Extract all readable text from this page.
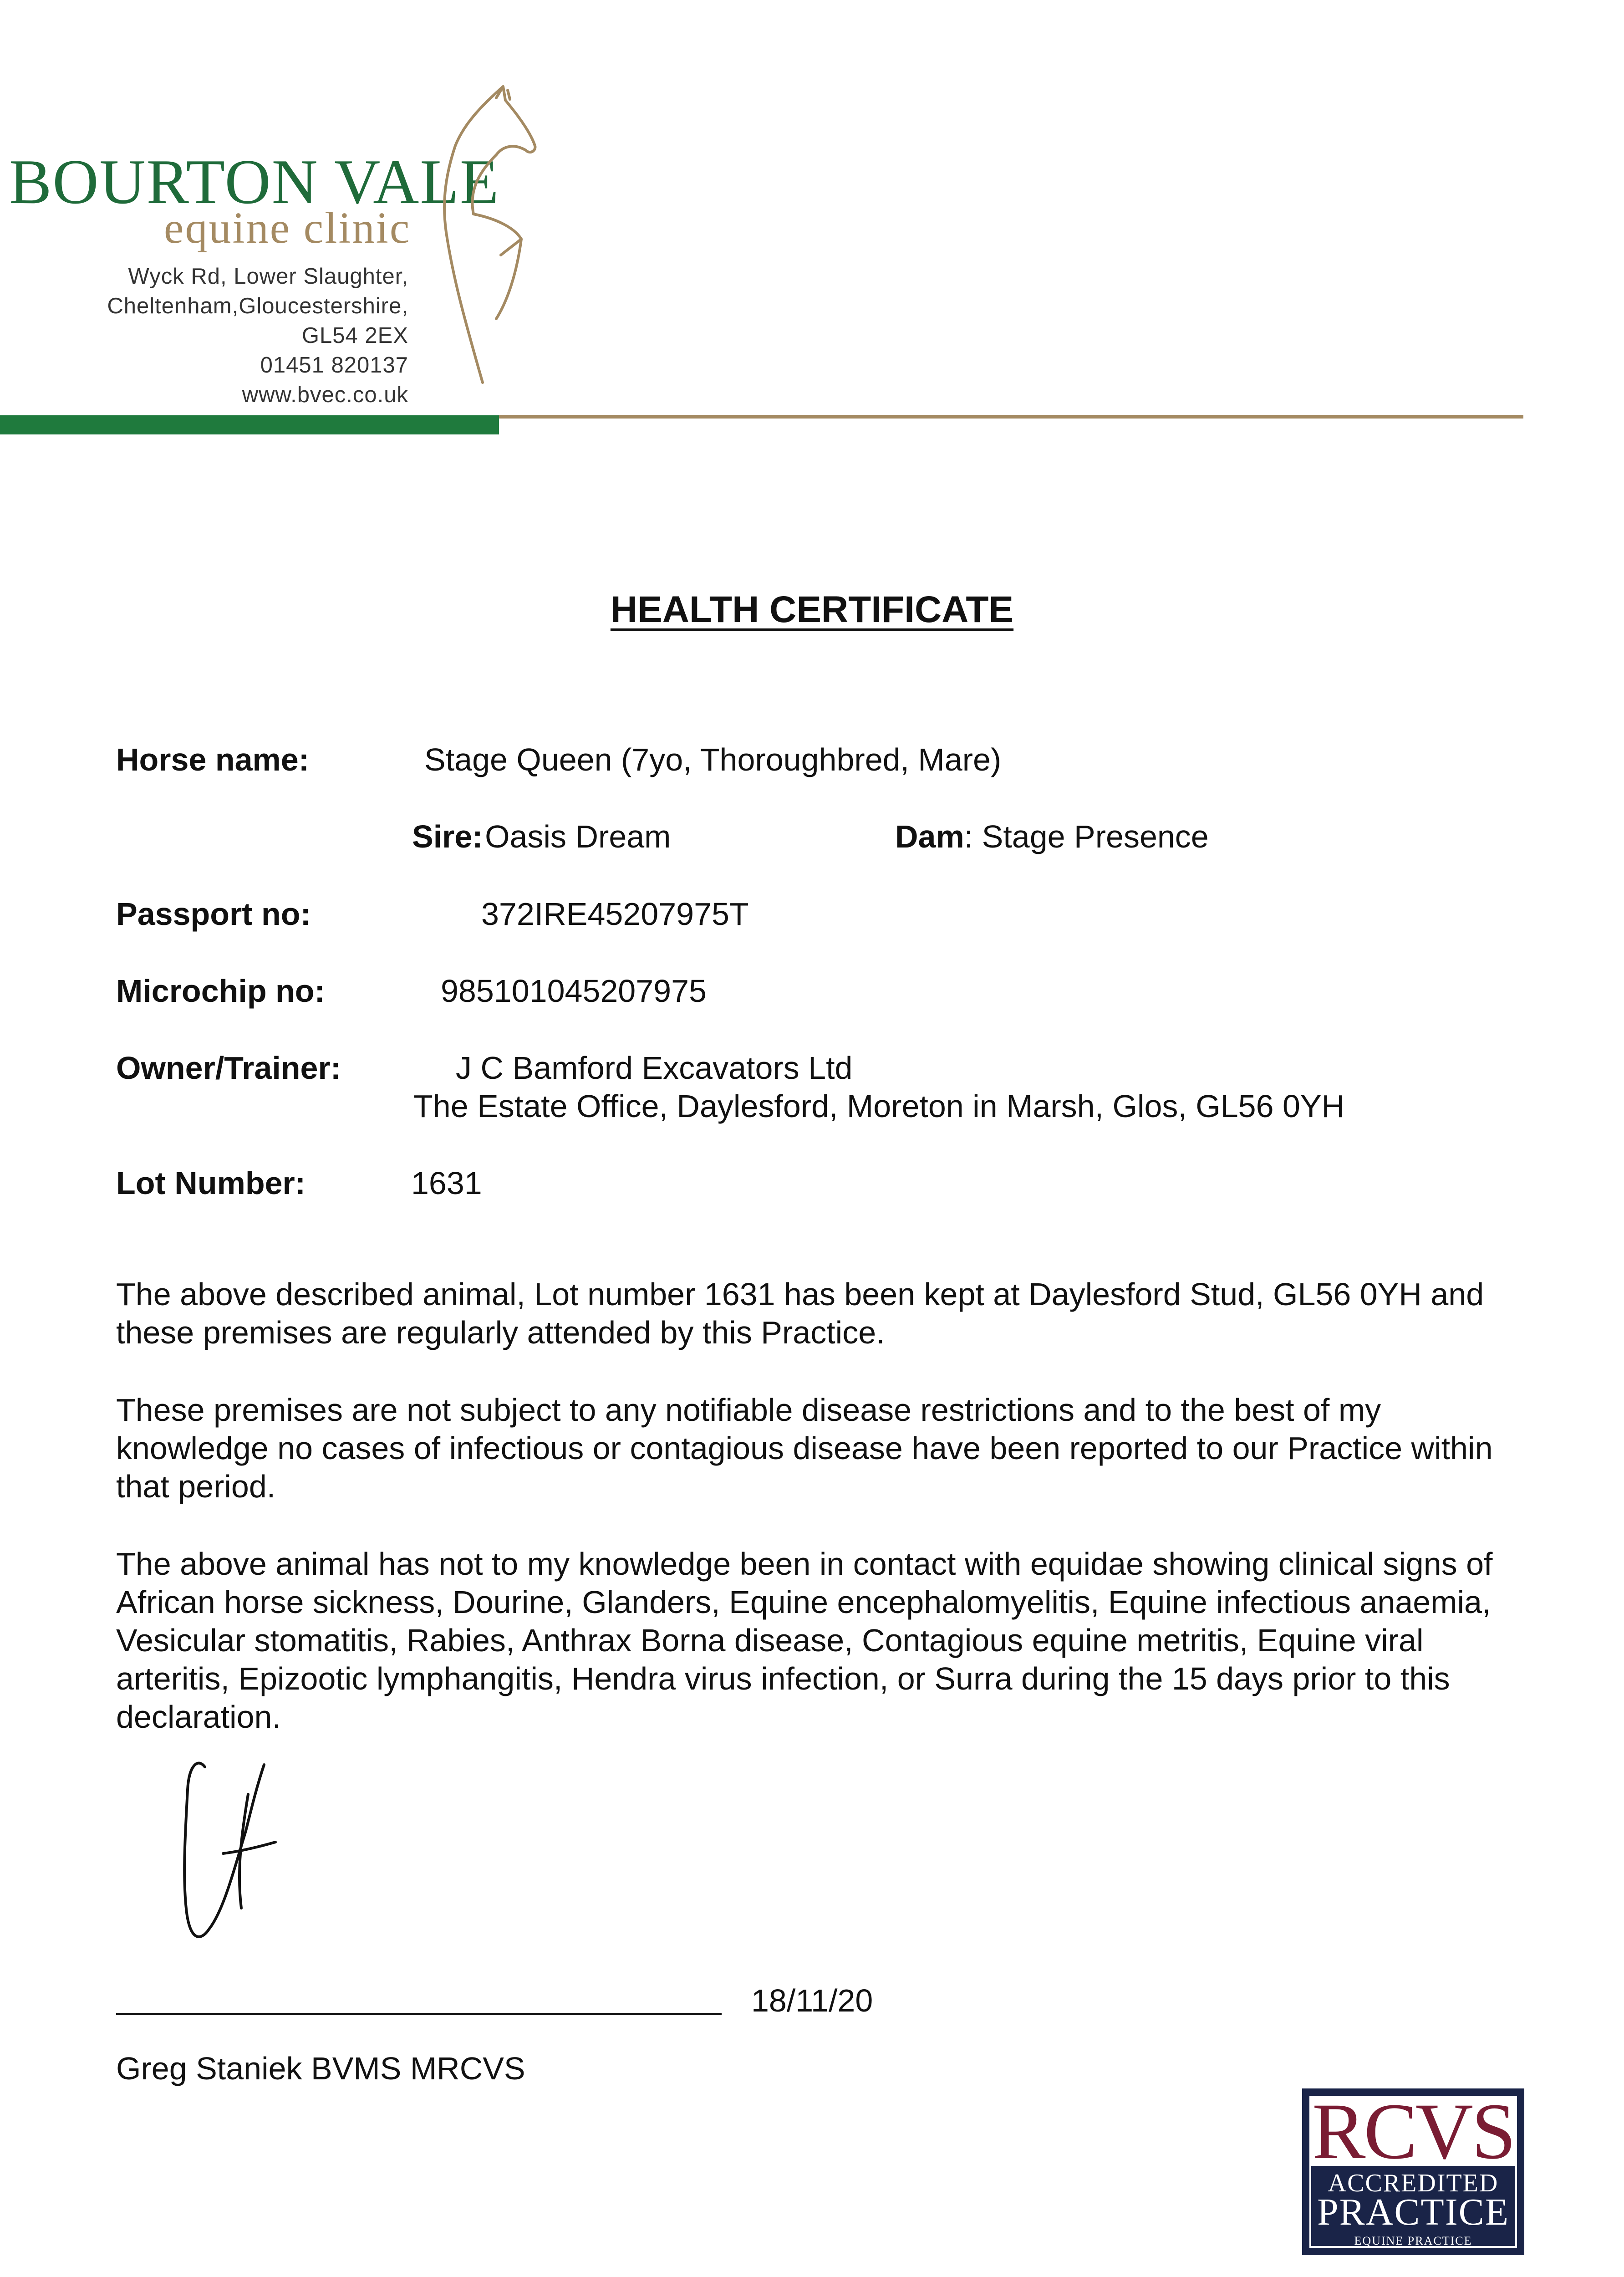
BOURTON VALE
equine clinic
Wyck Rd, Lower Slaughter,
Cheltenham,Gloucestershire,
GL54 2EX
01451 820137
www.bvec.co.uk
HEALTH CERTIFICATE
Horse name:	Stage Queen (7yo, Thoroughbred, Mare)
Sire: Oasis Dream	Dam: Stage Presence
Passport no:	372IRE45207975T
Microchip no:	985101045207975
Owner/Trainer:	J C Bamford Excavators Ltd
The Estate Office, Daylesford, Moreton in Marsh, Glos, GL56 0YH
Lot Number:	1631
The above described animal, Lot number 1631 has been kept at Daylesford Stud, GL56 0YH and these premises are regularly attended by this Practice.
These premises are not subject to any notifiable disease restrictions and to the best of my knowledge no cases of infectious or contagious disease have been reported to our Practice within that period.
The above animal has not to my knowledge been in contact with equidae showing clinical signs of African horse sickness, Dourine, Glanders, Equine encephalomyelitis, Equine infectious anaemia, Vesicular stomatitis, Rabies, Anthrax Borna disease, Contagious equine metritis, Equine viral arteritis, Epizootic lymphangitis, Hendra virus infection, or Surra during the 15 days prior to this declaration.
18/11/20
Greg Staniek BVMS MRCVS
RCVS
ACCREDITED
PRACTICE
EQUINE PRACTICE
